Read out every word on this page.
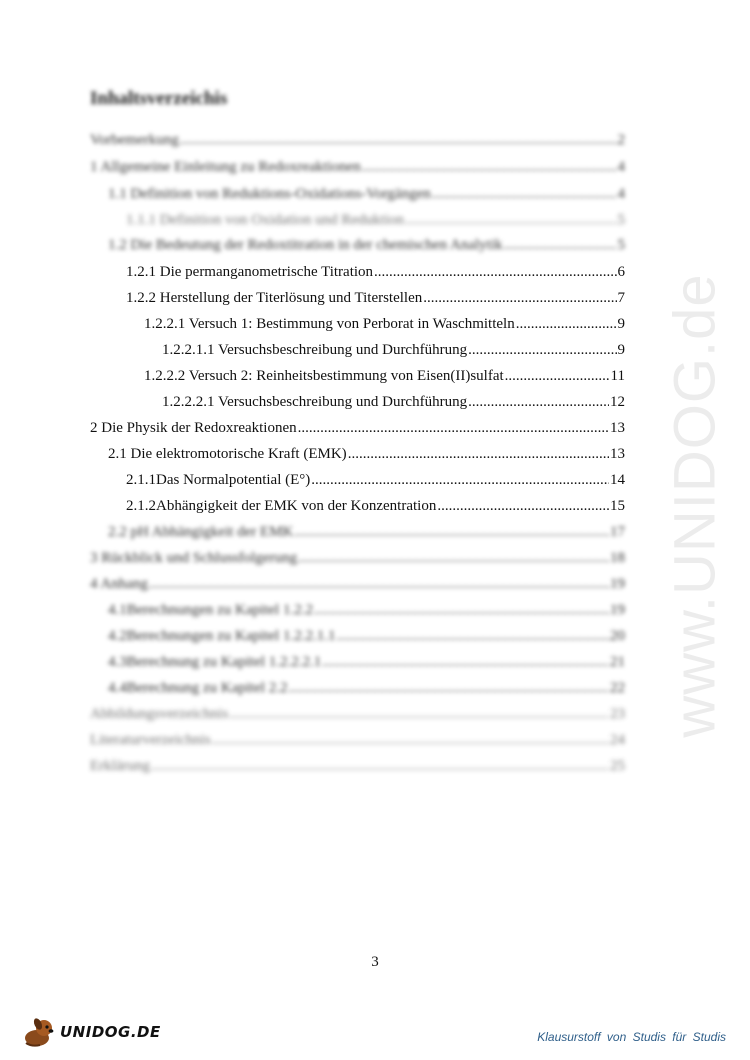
Inhaltsverzeichis
www.UNIDOG.de
Vorbemerkung .....	2
1 Allgemeine Einleitung zu Redoxreaktionen .....	4
1.1 Definition von Reduktions-Oxidations-Vorgängen .....	4
1.1.1 Definition von Oxidation und Reduktion .....	5
1.2 Die Bedeutung der Redoxtitration in der chemischen Analytik .....	5
1.2.1 Die permanganometrische Titration .....	6
1.2.2 Herstellung der Titerlösung und Titerstellen .....	7
1.2.2.1 Versuch 1: Bestimmung von Perborat in Waschmitteln .....	9
1.2.2.1.1 Versuchsbeschreibung und Durchführung .....	9
1.2.2.2 Versuch 2: Reinheitsbestimmung von Eisen(II)sulfat .....	11
1.2.2.2.1 Versuchsbeschreibung und Durchführung .....	12
2 Die Physik der Redoxreaktionen .....	13
2.1 Die elektromotorische Kraft (EMK) .....	13
2.1.1Das Normalpotential (E°) .....	14
2.1.2Abhängigkeit der EMK von der Konzentration .....	15
2.2 pH Abhängigkeit der EMK .....	17
3 Rückblick und Schlussfolgerung .....	18
4 Anhang .....	19
4.1Berechnungen zu Kapitel 1.2.2 .....	19
4.2Berechnungen zu Kapitel 1.2.2.1.1 .....	20
4.3Berechnung zu Kapitel 1.2.2.2.1 .....	21
4.4Berechnung zu Kapitel 2.2 .....	22
Abbildungsverzeichnis .....	23
Literaturverzeichnis .....	24
Erklärung .....	25
3
UNIDOG.DE	Klausurstoff von Studis für Studis
